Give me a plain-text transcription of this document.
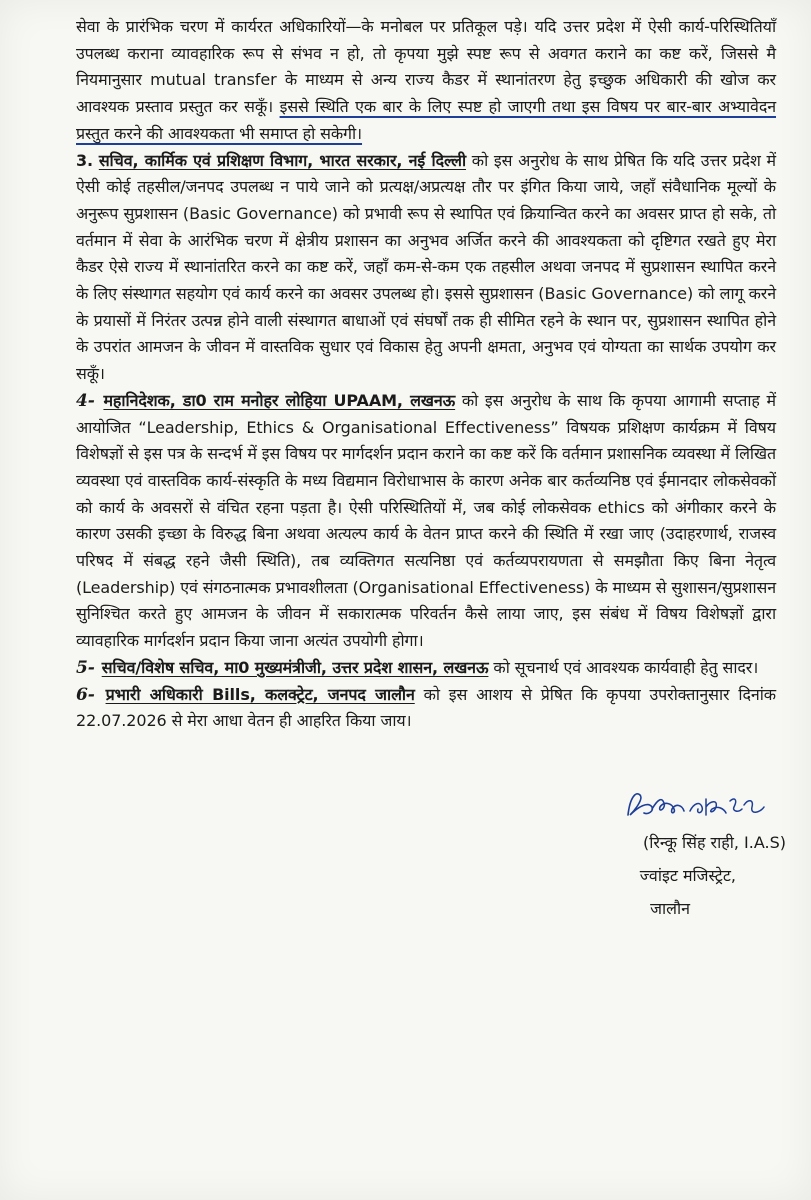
सेवा के प्रारंभिक चरण में कार्यरत अधिकारियों—के मनोबल पर प्रतिकूल पड़े। यदि उत्तर प्रदेश में ऐसी कार्य-परिस्थितियाँ उपलब्ध कराना व्यावहारिक रूप से संभव न हो, तो कृपया मुझे स्पष्ट रूप से अवगत कराने का कष्ट करें, जिससे मै नियमानुसार mutual transfer के माध्यम से अन्य राज्य कैडर में स्थानांतरण हेतु इच्छुक अधिकारी की खोज कर आवश्यक प्रस्ताव प्रस्तुत कर सकूँ। इससे स्थिति एक बार के लिए स्पष्ट हो जाएगी तथा इस विषय पर बार-बार अभ्यावेदन प्रस्तुत करने की आवश्यकता भी समाप्त हो सकेगी।

3. सचिव, कार्मिक एवं प्रशिक्षण विभाग, भारत सरकार, नई दिल्ली को इस अनुरोध के साथ प्रेषित कि यदि उत्तर प्रदेश में ऐसी कोई तहसील/जनपद उपलब्ध न पाये जाने को प्रत्यक्ष/अप्रत्यक्ष तौर पर इंगित किया जाये, जहाँ संवैधानिक मूल्यों के अनुरूप सुप्रशासन (Basic Governance) को प्रभावी रूप से स्थापित एवं क्रियान्वित करने का अवसर प्राप्त हो सके, तो वर्तमान में सेवा के आरंभिक चरण में क्षेत्रीय प्रशासन का अनुभव अर्जित करने की आवश्यकता को दृष्टिगत रखते हुए मेरा कैडर ऐसे राज्य में स्थानांतरित करने का कष्ट करें, जहाँ कम-से-कम एक तहसील अथवा जनपद में सुप्रशासन स्थापित करने के लिए संस्थागत सहयोग एवं कार्य करने का अवसर उपलब्ध हो। इससे सुप्रशासन (Basic Governance) को लागू करने के प्रयासों में निरंतर उत्पन्न होने वाली संस्थागत बाधाओं एवं संघर्षों तक ही सीमित रहने के स्थान पर, सुप्रशासन स्थापित होने के उपरांत आमजन के जीवन में वास्तविक सुधार एवं विकास हेतु अपनी क्षमता, अनुभव एवं योग्यता का सार्थक उपयोग कर सकूँ।

4- महानिदेशक, डा0 राम मनोहर लोहिया UPAAM, लखनऊ को इस अनुरोध के साथ कि कृपया आगामी सप्ताह में आयोजित “Leadership, Ethics & Organisational Effectiveness” विषयक प्रशिक्षण कार्यक्रम में विषय विशेषज्ञों से इस पत्र के सन्दर्भ में इस विषय पर मार्गदर्शन प्रदान कराने का कष्ट करें कि वर्तमान प्रशासनिक व्यवस्था में लिखित व्यवस्था एवं वास्तविक कार्य-संस्कृति के मध्य विद्यमान विरोधाभास के कारण अनेक बार कर्तव्यनिष्ठ एवं ईमानदार लोकसेवकों को कार्य के अवसरों से वंचित रहना पड़ता है। ऐसी परिस्थितियों में, जब कोई लोकसेवक ethics को अंगीकार करने के कारण उसकी इच्छा के विरुद्ध बिना अथवा अत्यल्प कार्य के वेतन प्राप्त करने की स्थिति में रखा जाए (उदाहरणार्थ, राजस्व परिषद में संबद्ध रहने जैसी स्थिति), तब व्यक्तिगत सत्यनिष्ठा एवं कर्तव्यपरायणता से समझौता किए बिना नेतृत्व (Leadership) एवं संगठनात्मक प्रभावशीलता (Organisational Effectiveness) के माध्यम से सुशासन/सुप्रशासन सुनिश्चित करते हुए आमजन के जीवन में सकारात्मक परिवर्तन कैसे लाया जाए, इस संबंध में विषय विशेषज्ञों द्वारा व्यावहारिक मार्गदर्शन प्रदान किया जाना अत्यंत उपयोगी होगा।

5- सचिव/विशेष सचिव, मा0 मुख्यमंत्रीजी, उत्तर प्रदेश शासन, लखनऊ को सूचनार्थ एवं आवश्यक कार्यवाही हेतु सादर।

6- प्रभारी अधिकारी Bills, कलक्ट्रेट, जनपद जालौन को इस आशय से प्रेषित कि कृपया उपरोक्तानुसार दिनांक 22.07.2026 से मेरा आधा वेतन ही आहरित किया जाय।

(रिन्कू सिंह राही, I.A.S)
ज्वांइट मजिस्ट्रेट,
जालौन
